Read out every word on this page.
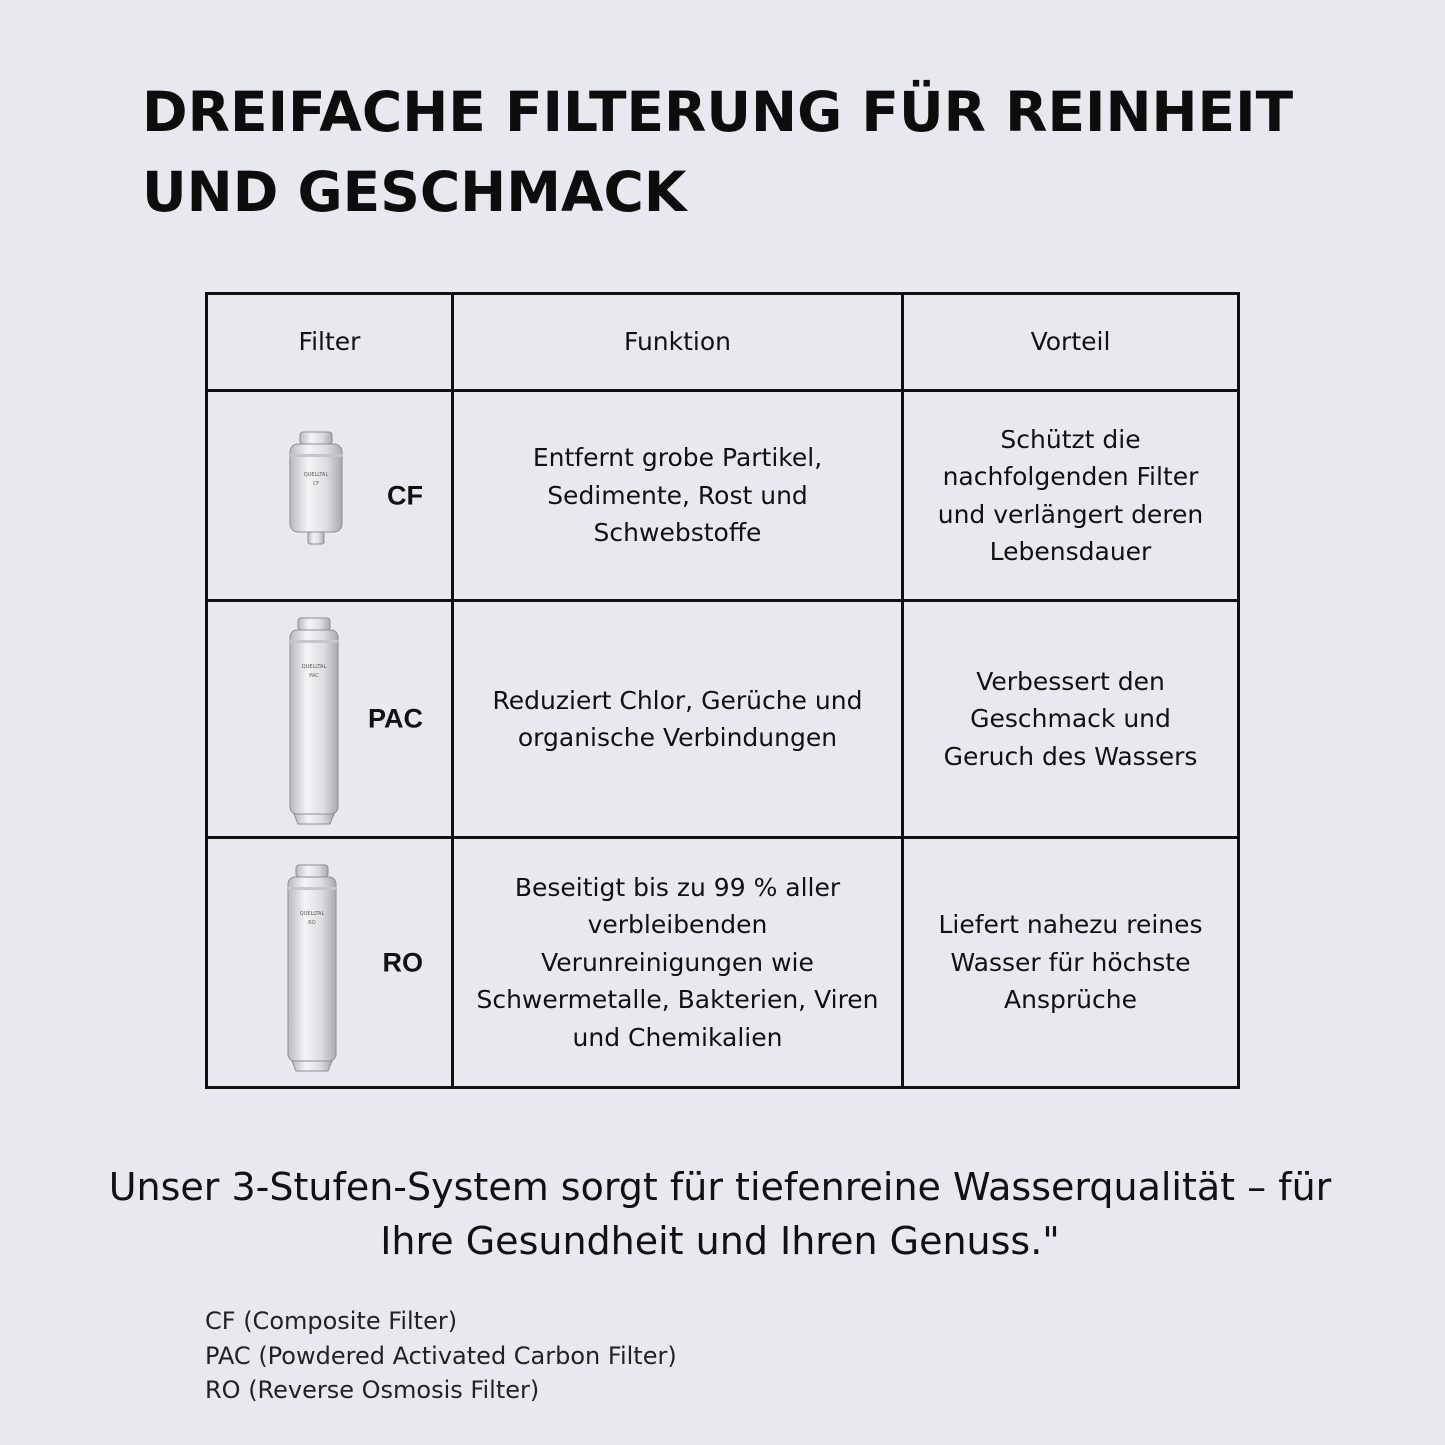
DREIFACHE FILTERUNG FÜR REINHEIT UND GESCHMACK
Filter	Funktion	Vorteil

QUELLTAL
CF CF	Entfernt grobe Partikel, Sedimente, Rost und Schwebstoffe	Schützt die nachfolgenden Filter und verlängert deren Lebensdauer

QUELLTAL
PAC
PAC	Reduziert Chlor, Gerüche und organische Verbindungen	Verbessert den Geschmack und Geruch des Wassers

QUELLTAL
RO
RO	Beseitigt bis zu 99 % aller verbleibenden Verunreinigungen wie Schwermetalle, Bakterien, Viren und Chemikalien	Liefert nahezu reines Wasser für höchste Ansprüche

Unser 3-Stufen-System sorgt für tiefenreine Wasserqualität – für Ihre Gesundheit und Ihren Genuss."

CF (Composite Filter)
PAC (Powdered Activated Carbon Filter)
RO (Reverse Osmosis Filter)
